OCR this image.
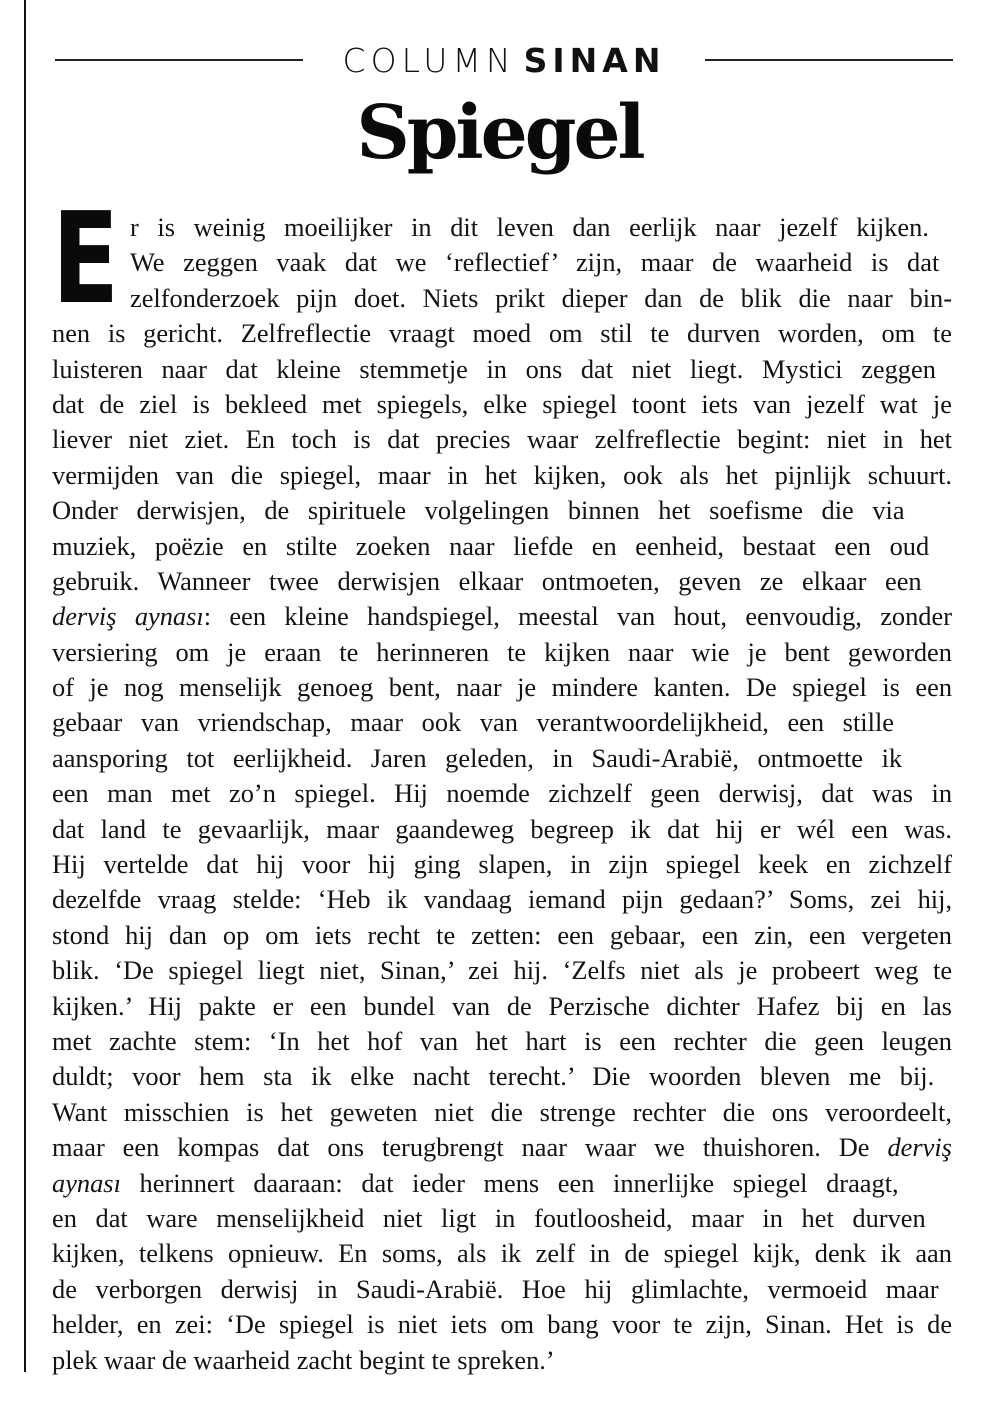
COLUMN SINAN
Spiegel
E r is weinig moeilijker in dit leven dan eerlijk naar jezelf kijken.
We zeggen vaak dat we ‘reflectief’ zijn, maar de waarheid is dat
zelfonderzoek pijn doet. Niets prikt dieper dan de blik die naar bin-
nen is gericht. Zelfreflectie vraagt moed om stil te durven worden, om te
luisteren naar dat kleine stemmetje in ons dat niet liegt. Mystici zeggen
dat de ziel is bekleed met spiegels, elke spiegel toont iets van jezelf wat je
liever niet ziet. En toch is dat precies waar zelfreflectie begint: niet in het
vermijden van die spiegel, maar in het kijken, ook als het pijnlijk schuurt.
Onder derwisjen, de spirituele volgelingen binnen het soefisme die via
muziek, poëzie en stilte zoeken naar liefde en eenheid, bestaat een oud
gebruik. Wanneer twee derwisjen elkaar ontmoeten, geven ze elkaar een
derviş aynası: een kleine handspiegel, meestal van hout, eenvoudig, zonder
versiering om je eraan te herinneren te kijken naar wie je bent geworden
of je nog menselijk genoeg bent, naar je mindere kanten. De spiegel is een
gebaar van vriendschap, maar ook van verantwoordelijkheid, een stille
aansporing tot eerlijkheid. Jaren geleden, in Saudi-Arabië, ontmoette ik
een man met zo’n spiegel. Hij noemde zichzelf geen derwisj, dat was in
dat land te gevaarlijk, maar gaandeweg begreep ik dat hij er wél een was.
Hij vertelde dat hij voor hij ging slapen, in zijn spiegel keek en zichzelf
dezelfde vraag stelde: ‘Heb ik vandaag iemand pijn gedaan?’ Soms, zei hij,
stond hij dan op om iets recht te zetten: een gebaar, een zin, een vergeten
blik. ‘De spiegel liegt niet, Sinan,’ zei hij. ‘Zelfs niet als je probeert weg te
kijken.’ Hij pakte er een bundel van de Perzische dichter Hafez bij en las
met zachte stem: ‘In het hof van het hart is een rechter die geen leugen
duldt; voor hem sta ik elke nacht terecht.’ Die woorden bleven me bij.
Want misschien is het geweten niet die strenge rechter die ons veroordeelt,
maar een kompas dat ons terugbrengt naar waar we thuishoren. De derviş
aynası herinnert daaraan: dat ieder mens een innerlijke spiegel draagt,
en dat ware menselijkheid niet ligt in foutloosheid, maar in het durven
kijken, telkens opnieuw. En soms, als ik zelf in de spiegel kijk, denk ik aan
de verborgen derwisj in Saudi-Arabië. Hoe hij glimlachte, vermoeid maar
helder, en zei: ‘De spiegel is niet iets om bang voor te zijn, Sinan. Het is de
plek waar de waarheid zacht begint te spreken.’
